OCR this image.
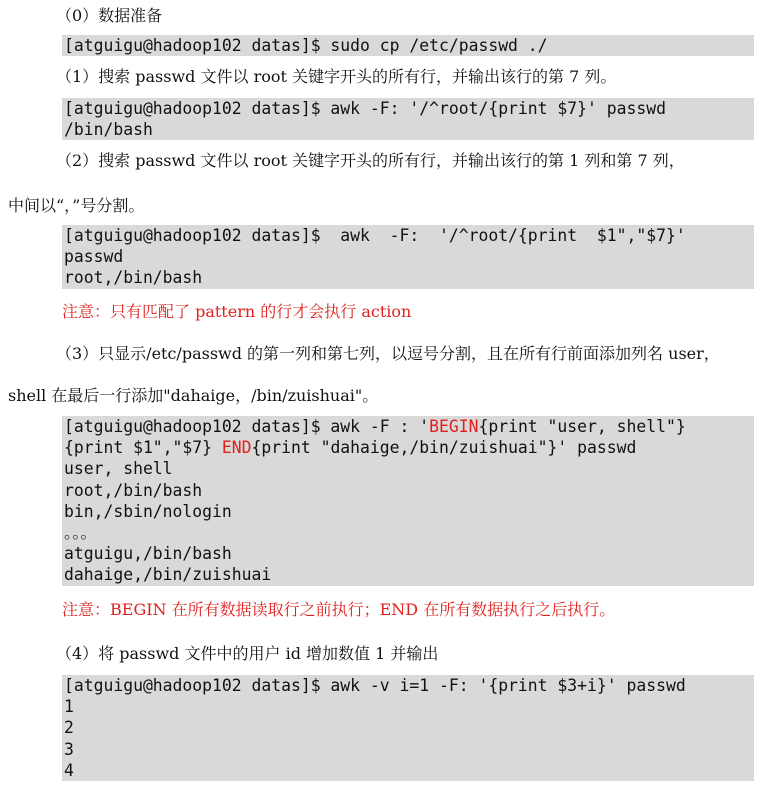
（0）数据准备
[atguigu@hadoop102 datas]$ sudo cp /etc/passwd ./
（1）搜索 passwd 文件以 root 关键字开头的所有行，并输出该行的第 7 列。
[atguigu@hadoop102 datas]$ awk -F: '/^root/{print $7}' passwd
/bin/bash
（2）搜索 passwd 文件以 root 关键字开头的所有行，并输出该行的第 1 列和第 7 列，
中间以“，”号分割。
[atguigu@hadoop102 datas]$  awk  -F:  '/^root/{print  $1","$7}'
passwd
root,/bin/bash
注意：只有匹配了 pattern 的行才会执行 action
（3）只显示/etc/passwd 的第一列和第七列，以逗号分割，且在所有行前面添加列名 user，
shell 在最后一行添加"dahaige，/bin/zuishuai"。
[atguigu@hadoop102 datas]$ awk -F : 'BEGIN{print "user, shell"}
{print $1","$7} END{print "dahaige,/bin/zuishuai"}' passwd
user, shell
root,/bin/bash
bin,/sbin/nologin
。。。
atguigu,/bin/bash
dahaige,/bin/zuishuai
注意：BEGIN 在所有数据读取行之前执行；END 在所有数据执行之后执行。
（4）将 passwd 文件中的用户 id 增加数值 1 并输出
[atguigu@hadoop102 datas]$ awk -v i=1 -F: '{print $3+i}' passwd
1
2
3
4
